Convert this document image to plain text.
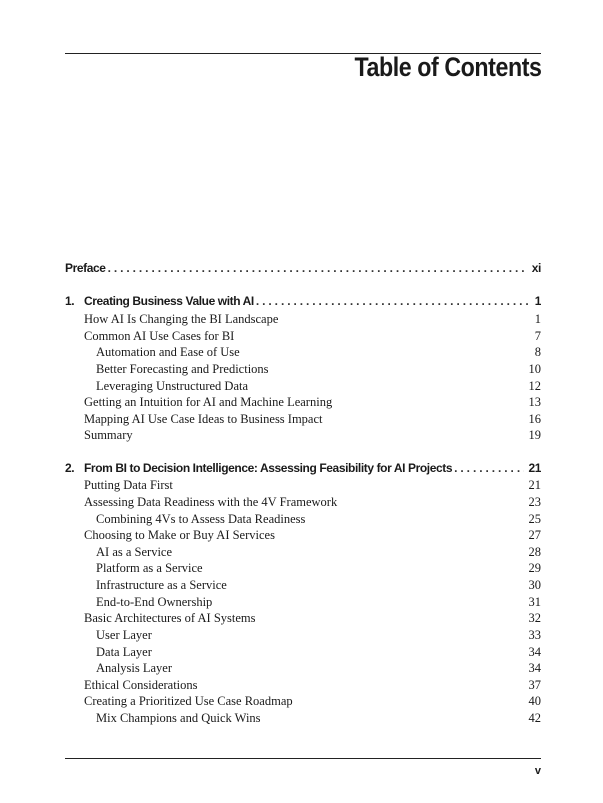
Table of Contents
Preface . . .	xi
1. Creating Business Value with AI . . .	1
How AI Is Changing the BI Landscape	1
Common AI Use Cases for BI	7
Automation and Ease of Use	8
Better Forecasting and Predictions	10
Leveraging Unstructured Data	12
Getting an Intuition for AI and Machine Learning	13
Mapping AI Use Case Ideas to Business Impact	16
Summary	19
2. From BI to Decision Intelligence: Assessing Feasibility for AI Projects . . .	21
Putting Data First	21
Assessing Data Readiness with the 4V Framework	23
Combining 4Vs to Assess Data Readiness	25
Choosing to Make or Buy AI Services	27
AI as a Service	28
Platform as a Service	29
Infrastructure as a Service	30
End-to-End Ownership	31
Basic Architectures of AI Systems	32
User Layer	33
Data Layer	34
Analysis Layer	34
Ethical Considerations	37
Creating a Prioritized Use Case Roadmap	40
Mix Champions and Quick Wins	42
v
